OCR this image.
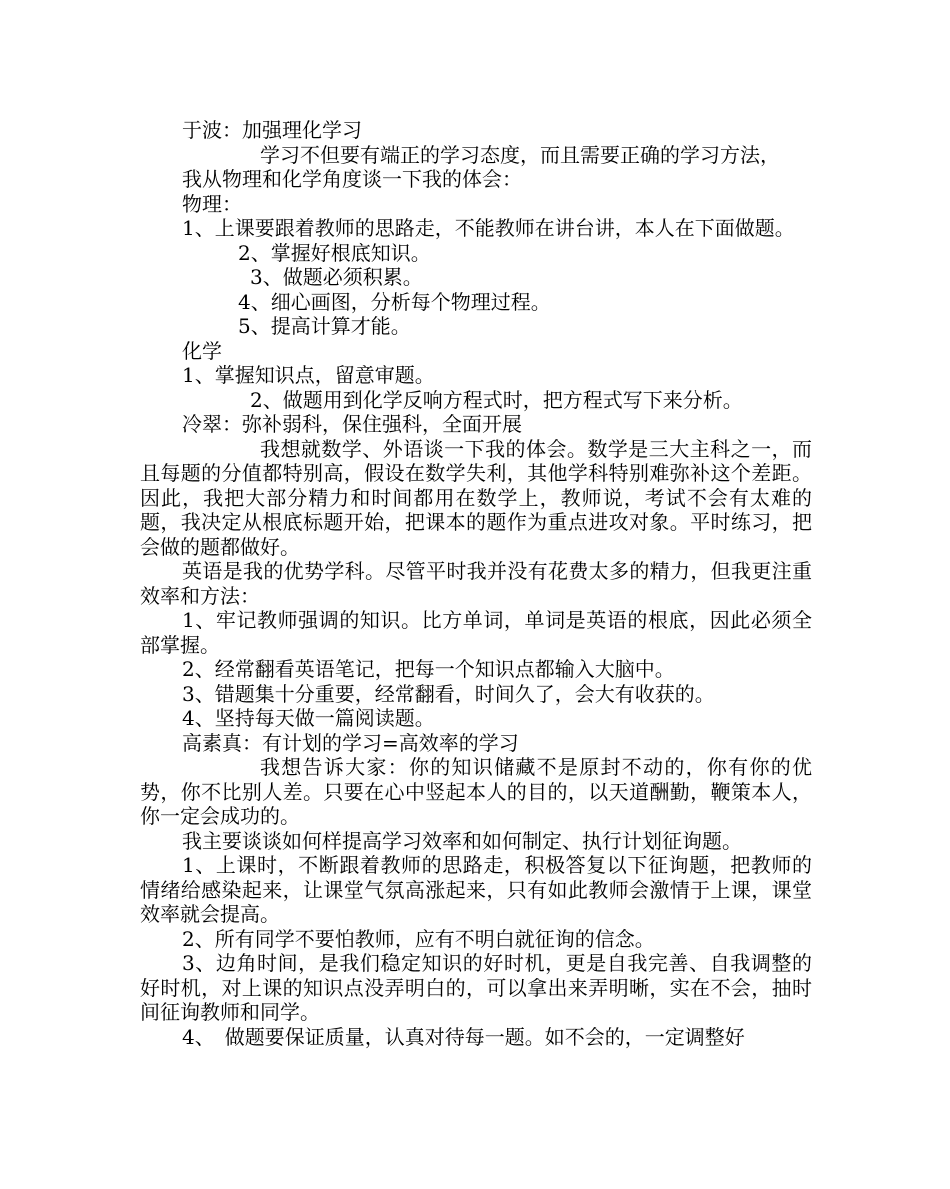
于波：加强理化学习

学习不但要有端正的学习态度，而且需要正确的学习方法，

我从物理和化学角度谈一下我的体会：

物理：

1、上课要跟着教师的思路走，不能教师在讲台讲，本人在下面做题。

2、掌握好根底知识。

3、做题必须积累。

4、细心画图，分析每个物理过程。

5、提高计算才能。

化学

1、掌握知识点，留意审题。

2、做题用到化学反响方程式时，把方程式写下来分析。

冷翠：弥补弱科，保住强科，全面开展

我想就数学、外语谈一下我的体会。数学是三大主科之一，而且每题的分值都特别高，假设在数学失利，其他学科特别难弥补这个差距。因此，我把大部分精力和时间都用在数学上，教师说，考试不会有太难的题，我决定从根底标题开始，把课本的题作为重点进攻对象。平时练习，把会做的题都做好。

英语是我的优势学科。尽管平时我并没有花费太多的精力，但我更注重效率和方法：

1、牢记教师强调的知识。比方单词，单词是英语的根底，因此必须全部掌握。

2、经常翻看英语笔记，把每一个知识点都输入大脑中。

3、错题集十分重要，经常翻看，时间久了，会大有收获的。

4、坚持每天做一篇阅读题。

高素真：有计划的学习=高效率的学习

我想告诉大家：你的知识储藏不是原封不动的，你有你的优势，你不比别人差。只要在心中竖起本人的目的，以天道酬勤，鞭策本人，你一定会成功的。

我主要谈谈如何样提高学习效率和如何制定、执行计划征询题。

1、上课时，不断跟着教师的思路走，积极答复以下征询题，把教师的情绪给感染起来，让课堂气氛高涨起来，只有如此教师会激情于上课，课堂效率就会提高。

2、所有同学不要怕教师，应有不明白就征询的信念。

3、边角时间，是我们稳定知识的好时机，更是自我完善、自我调整的好时机，对上课的知识点没弄明白的，可以拿出来弄明晰，实在不会，抽时间征询教师和同学。

4、　做题要保证质量，认真对待每一题。如不会的，一定调整好
